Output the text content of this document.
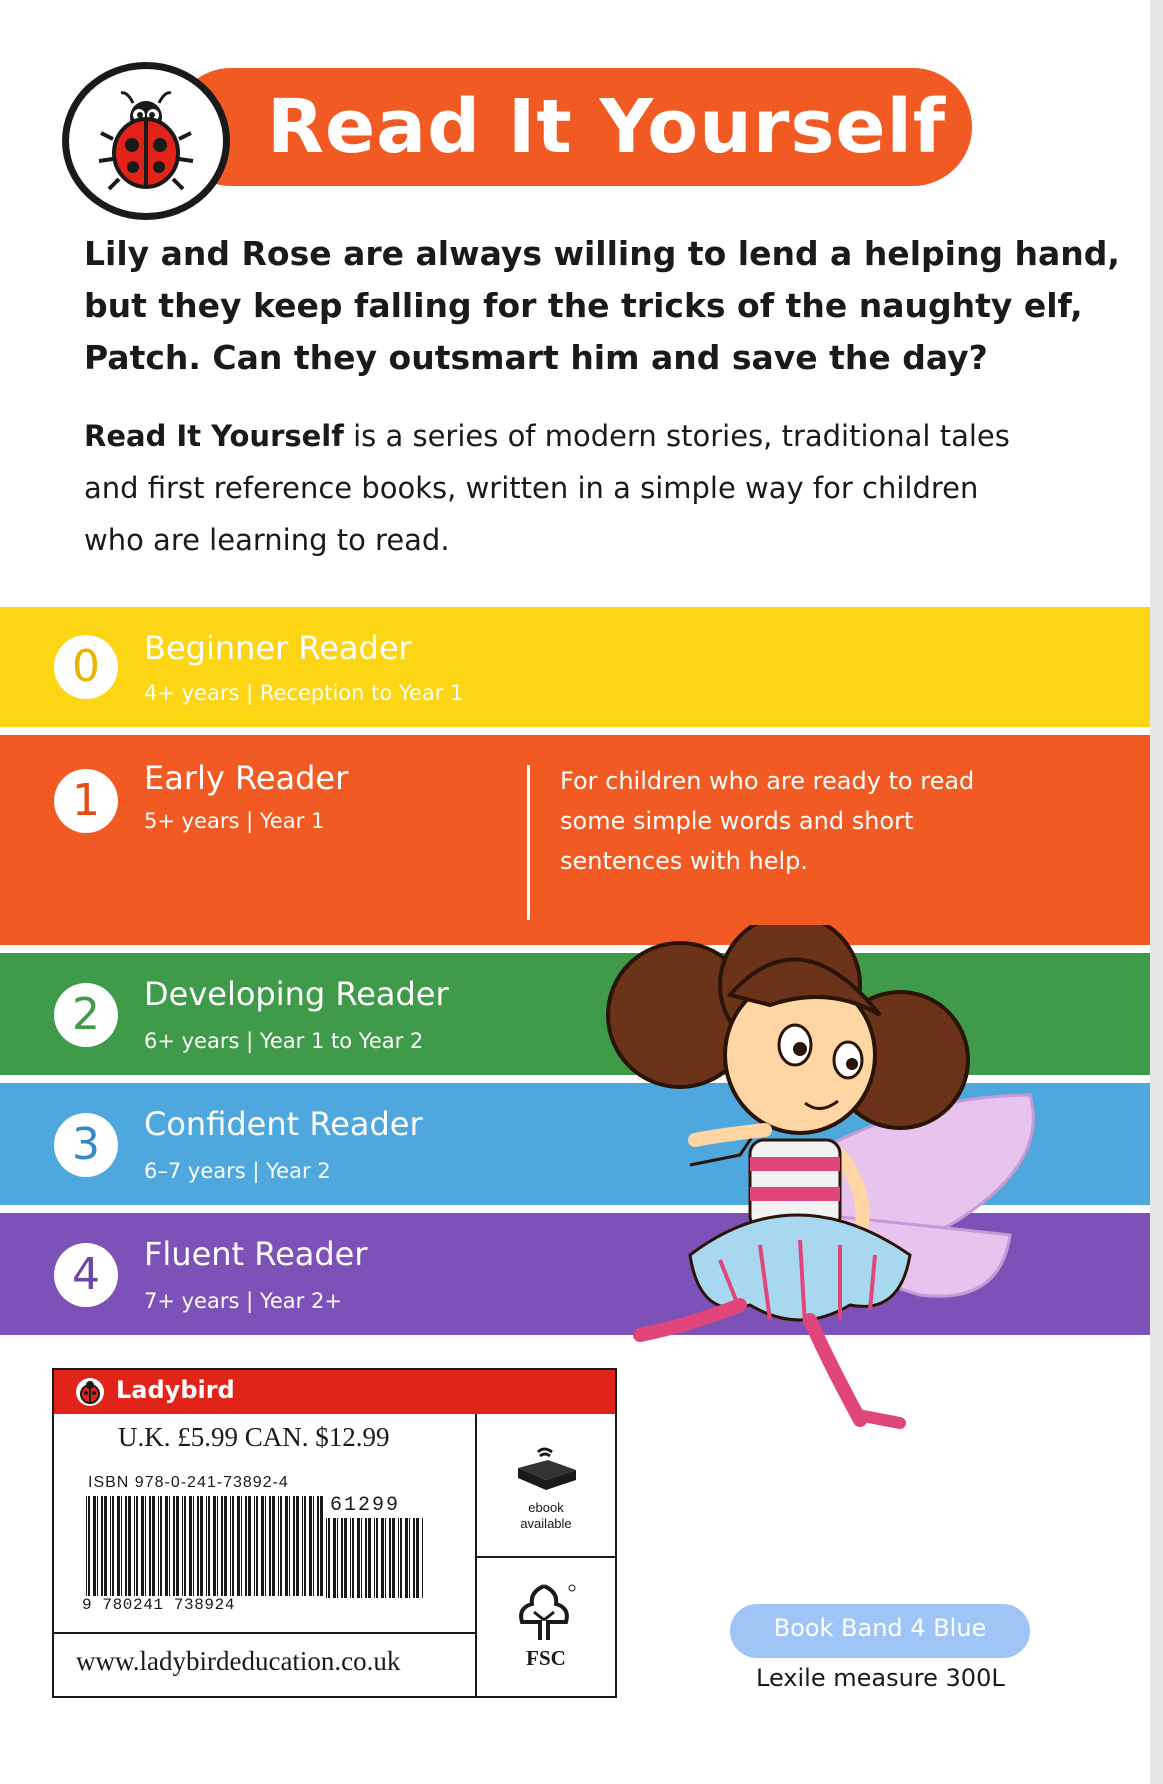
Read It Yourself
Lily and Rose are always willing to lend a helping hand,
but they keep falling for the tricks of the naughty elf,
Patch. Can they outsmart him and save the day?
Read It Yourself is a series of modern stories, traditional tales
and first reference books, written in a simple way for children
who are learning to read.
0	Beginner Reader
4+ years | Reception to Year 1
1	Early Reader
5+ years | Year 1
For children who are ready to read
some simple words and short
sentences with help.
2	Developing Reader
6+ years | Year 1 to Year 2
3	Confident Reader
6–7 years | Year 2
4	Fluent Reader
7+ years | Year 2+
Ladybird
U.K. £5.99 CAN. $12.99
ISBN 978-0-241-73892-4
61299
9 780241 738924
ebook
available
FSC
www.ladybirdeducation.co.uk
Book Band 4 Blue
Lexile measure 300L
